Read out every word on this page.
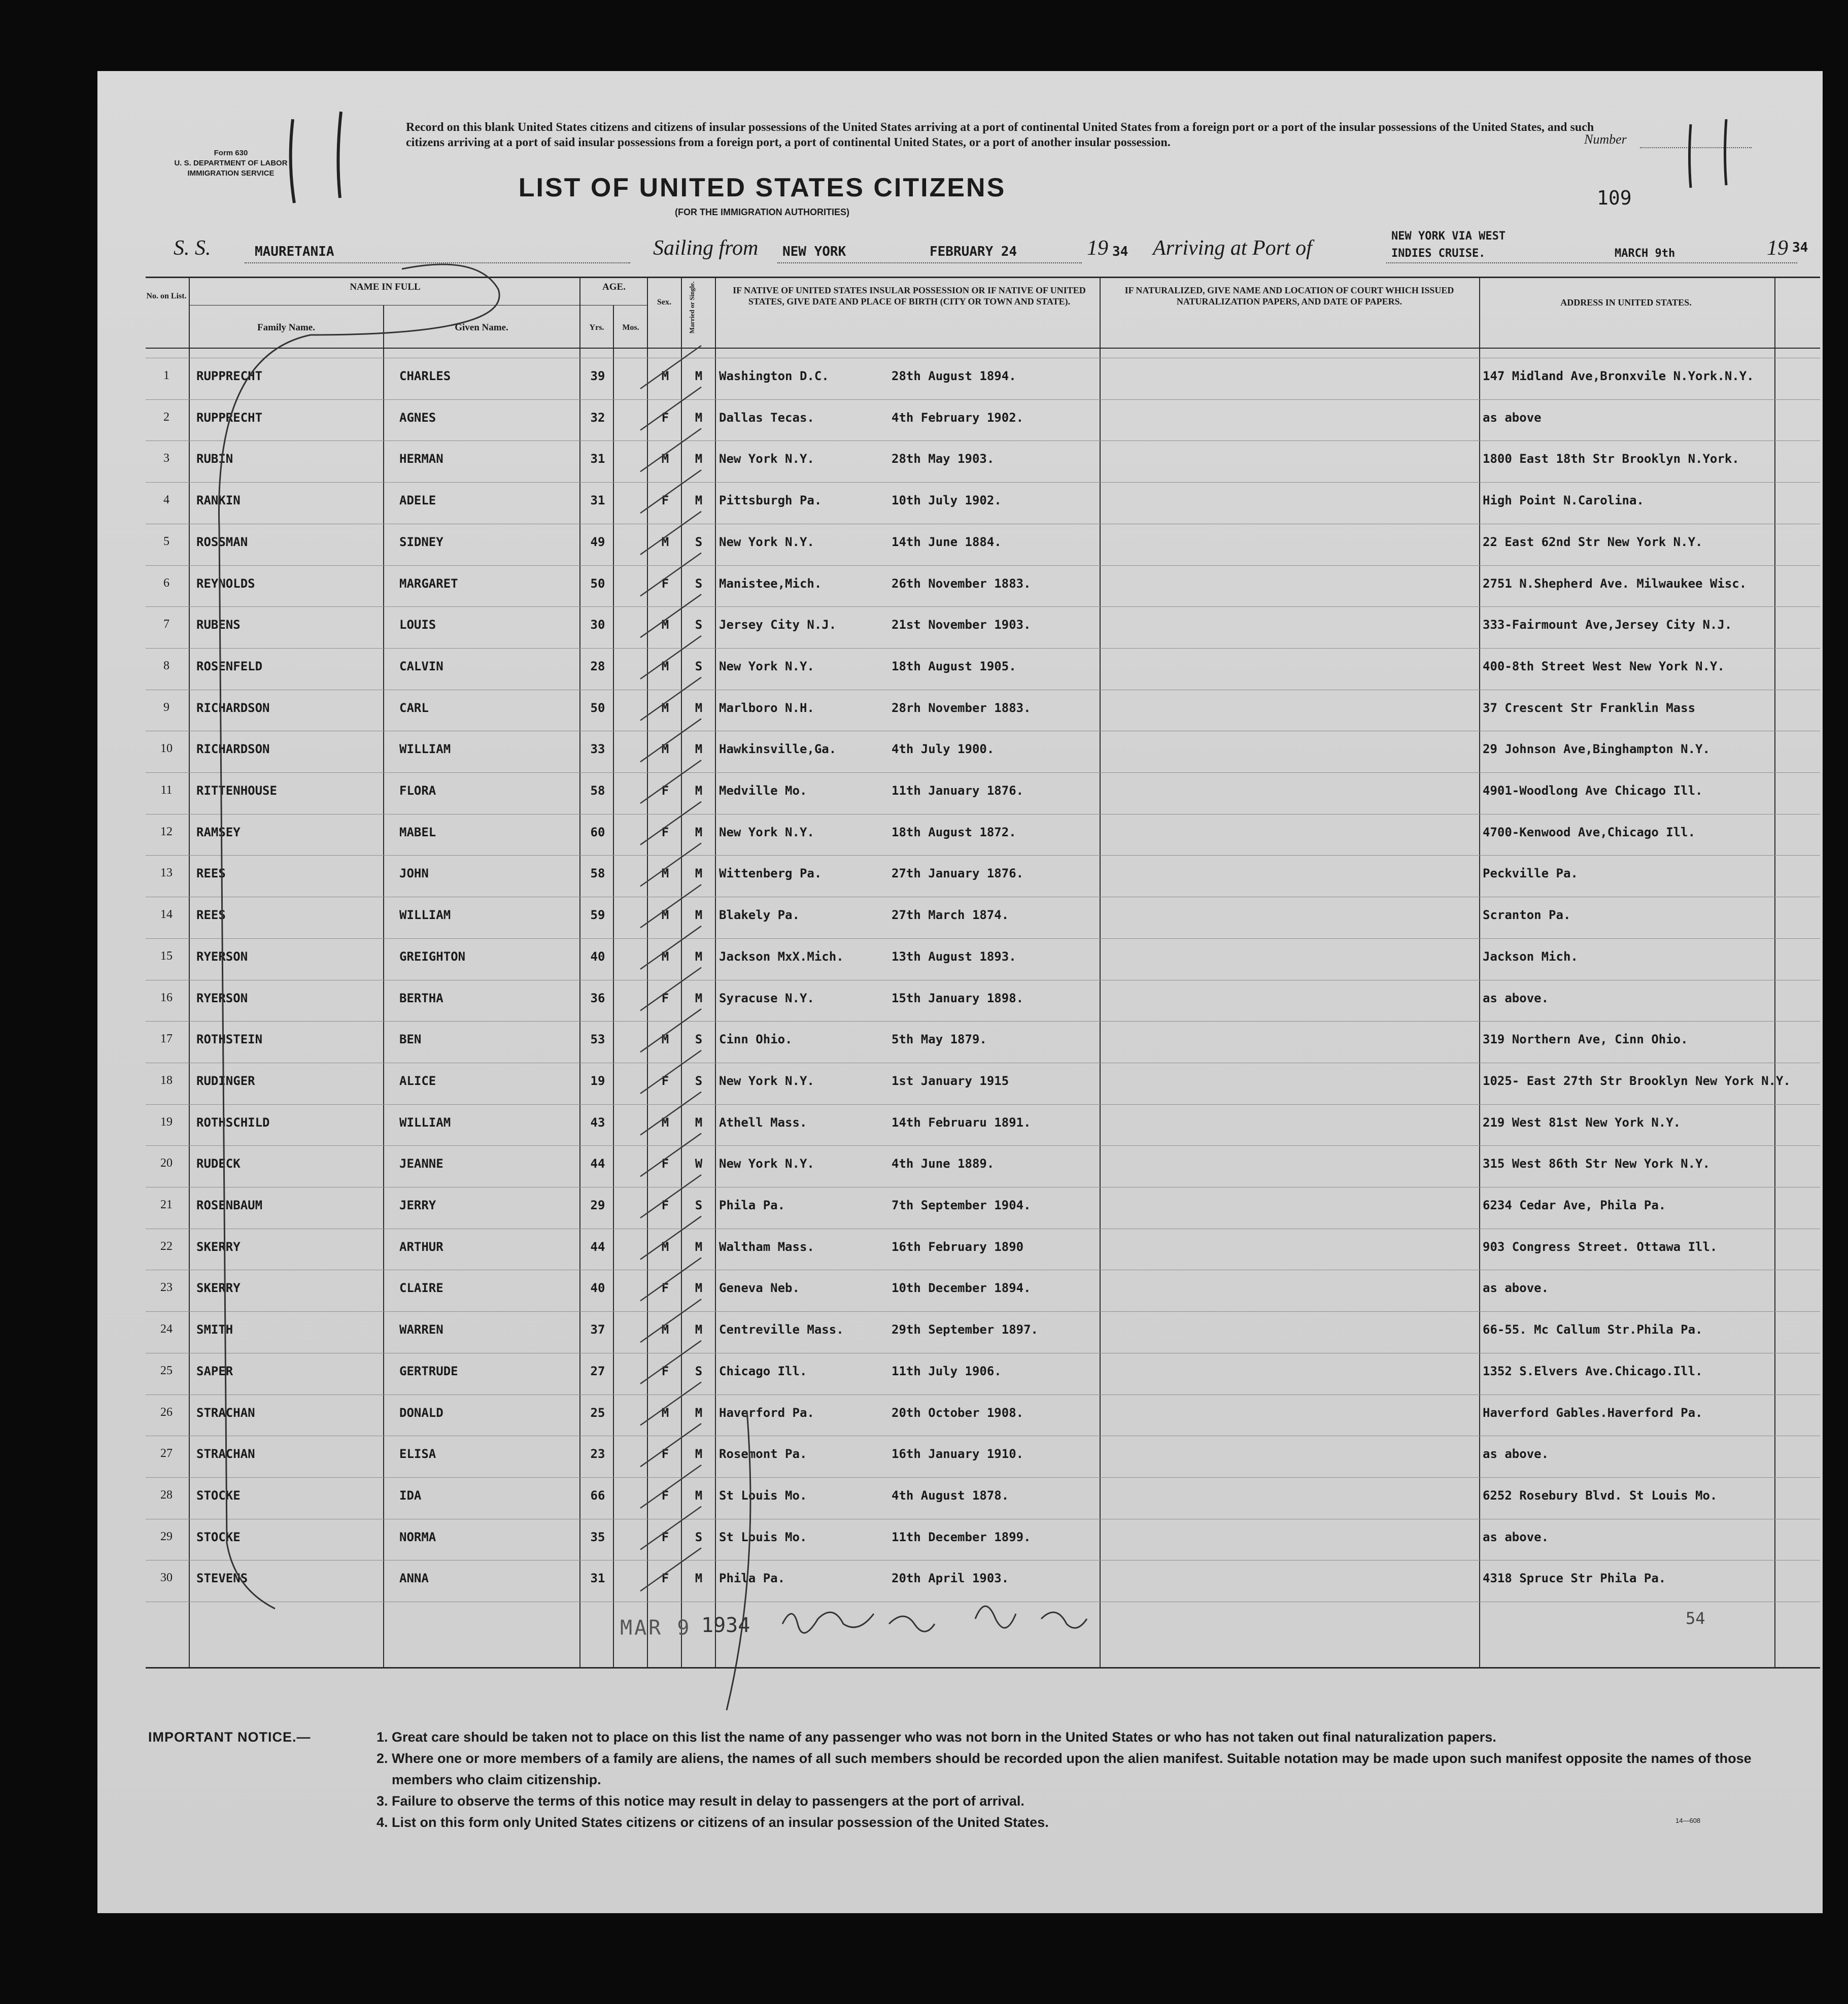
Form 630
U. S. DEPARTMENT OF LABOR
IMMIGRATION SERVICE
Record on this blank United States citizens and citizens of insular possessions of the United States arriving at a port of continental United States from a foreign port or a port of the insular possessions of the United States, and such citizens arriving at a port of said insular possessions from a foreign port, a port of continental United States, or a port of another insular possession.	Number
109
LIST OF UNITED STATES CITIZENS
(FOR THE IMMIGRATION AUTHORITIES)
S. S.	MAURETANIA	Sailing from NEW YORK	FEBRUARY 24	19 34 Arriving at Port of
NEW YORK VIA WEST
INDIES CRUISE.	MARCH 9th	19 34
No. on List.
NAME IN FULL
Family Name.	Given Name.
AGE.
Yrs.	Mos.
Sex.	Married or Single.	IF NATIVE OF UNITED STATES INSULAR POSSESSION OR IF NATIVE OF UNITED STATES, GIVE DATE AND PLACE OF BIRTH (CITY OR TOWN AND STATE).
IF NATURALIZED, GIVE NAME AND LOCATION OF COURT WHICH ISSUED NATURALIZATION PAPERS, AND DATE OF PAPERS.	ADDRESS IN UNITED STATES.
1	RUPPRECHT	CHARLES	39	M	M	Washington D.C.	28th August 1894.	147 Midland Ave,Bronxvile N.York.N.Y.
2	RUPPRECHT	AGNES	32	F	M	Dallas Tecas.	4th February 1902.	as above
3	RUBIN	HERMAN	31	M	M	New York N.Y.	28th May 1903.	1800 East 18th Str Brooklyn N.York.
4	RANKIN	ADELE	31	F	M	Pittsburgh Pa.	10th July 1902.	High Point N.Carolina.
5	ROSSMAN	SIDNEY	49	M	S	New York N.Y.	14th June 1884.	22 East 62nd Str New York N.Y.
6	REYNOLDS	MARGARET	50	F	S	Manistee,Mich.	26th November 1883.	2751 N.Shepherd Ave. Milwaukee Wisc.
7	RUBENS	LOUIS	30	M	S	Jersey City N.J.	21st November 1903.	333-Fairmount Ave,Jersey City N.J.
8	ROSENFELD	CALVIN	28	M	S	New York N.Y.	18th August 1905.	400-8th Street West New York N.Y.
9	RICHARDSON	CARL	50	M	M	Marlboro N.H.	28rh November 1883.	37 Crescent Str Franklin Mass
10	RICHARDSON	WILLIAM	33	M	M	Hawkinsville,Ga.	4th July 1900.	29 Johnson Ave,Binghampton N.Y.
11	RITTENHOUSE	FLORA	58	F	M	Medville Mo.	11th January 1876.	4901-Woodlong Ave Chicago Ill.
12	RAMSEY	MABEL	60	F	M	New York N.Y.	18th August 1872.	4700-Kenwood Ave,Chicago Ill.
13	REES	JOHN	58	M	M	Wittenberg Pa.	27th January 1876.	Peckville Pa.
14	REES	WILLIAM	59	M	M	Blakely Pa.	27th March 1874.	Scranton Pa.
15	RYERSON	GREIGHTON	40	M	M	Jackson MxX.Mich.	13th August 1893.	Jackson Mich.
16	RYERSON	BERTHA	36	F	M	Syracuse N.Y.	15th January 1898.	as above.
17	ROTHSTEIN	BEN	53	M	S	Cinn Ohio.	5th May 1879.	319 Northern Ave, Cinn Ohio.
18	RUDINGER	ALICE	19	F	S	New York N.Y.	1st January 1915	1025- East 27th Str Brooklyn New York N.Y.
19	ROTHSCHILD	WILLIAM	43	M	M	Athell Mass.	14th Februaru 1891.	219 West 81st New York N.Y.
20	RUDECK	JEANNE	44	F	W	New York N.Y.	4th June 1889.	315 West 86th Str New York N.Y.
21	ROSENBAUM	JERRY	29	F	S	Phila Pa.	7th September 1904.	6234 Cedar Ave, Phila Pa.
22	SKERRY	ARTHUR	44	M	M	Waltham Mass.	16th February 1890	903 Congress Street. Ottawa Ill.
23	SKERRY	CLAIRE	40	F	M	Geneva Neb.	10th December 1894.	as above.
24	SMITH	WARREN	37	M	M	Centreville Mass.	29th September 1897.	66-55. Mc Callum Str.Phila Pa.
25	SAPER	GERTRUDE	27	F	S	Chicago Ill.	11th July 1906.	1352 S.Elvers Ave.Chicago.Ill.
26	STRACHAN	DONALD	25	M	M	Haverford Pa.	20th October 1908.	Haverford Gables.Haverford Pa.
27	STRACHAN	ELISA	23	F	M	Rosemont Pa.	16th January 1910.	as above.
28	STOCKE	IDA	66	F	M	St Louis Mo.	4th August 1878.	6252 Rosebury Blvd. St Louis Mo.
29	STOCKE	NORMA	35	F	S	St Louis Mo.	11th December 1899.	as above.
30	STEVENS	ANNA	31	F	M	Phila Pa.	20th April 1903.	4318 Spruce Str Phila Pa.
MAR 9 1934	54
IMPORTANT NOTICE.—	1. Great care should be taken not to place on this list the name of any passenger who was not born in the United States or who has not taken out final naturalization papers.
2. Where one or more members of a family are aliens, the names of all such members should be recorded upon the alien manifest. Suitable notation may be made upon such manifest opposite the names of those members who claim citizenship.
3. Failure to observe the terms of this notice may result in delay to passengers at the port of arrival.
4. List on this form only United States citizens or citizens of an insular possession of the United States.	14—608
